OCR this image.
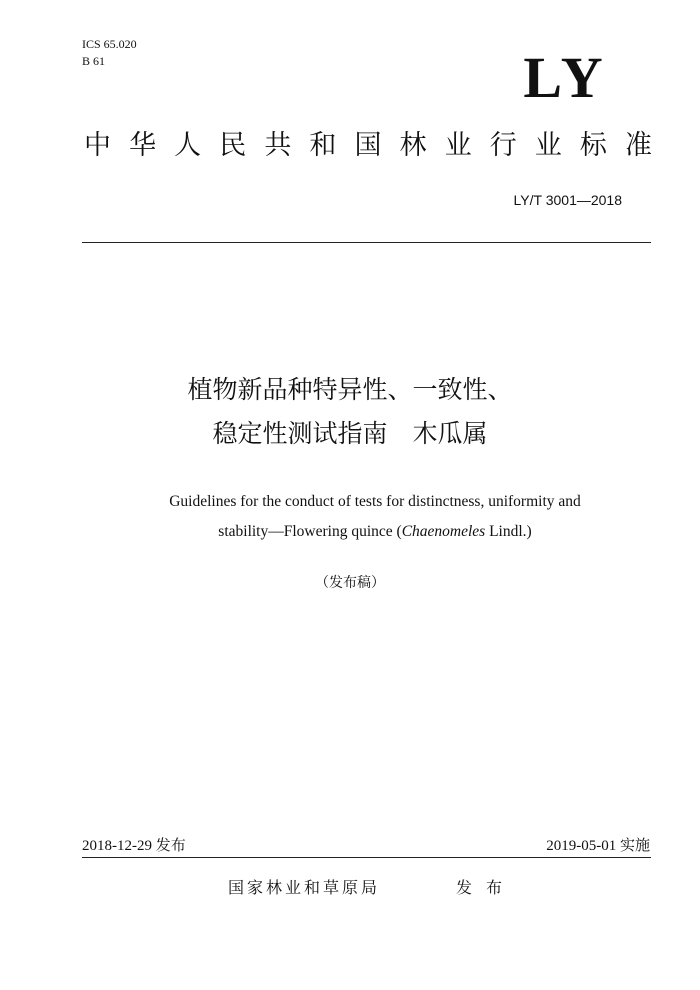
ICS 65.020
B 61	LY
中 华 人 民 共 和 国 林 业 行 业 标 准
LY/T 3001—2018
植物新品种特异性、一致性、
稳定性测试指南　木瓜属
Guidelines for the conduct of tests for distinctness, uniformity and
stability—Flowering quince (Chaenomeles Lindl.)
（发布稿）
2018-12-29 发布	2019-05-01 实施
国家林业和草原局	发布
